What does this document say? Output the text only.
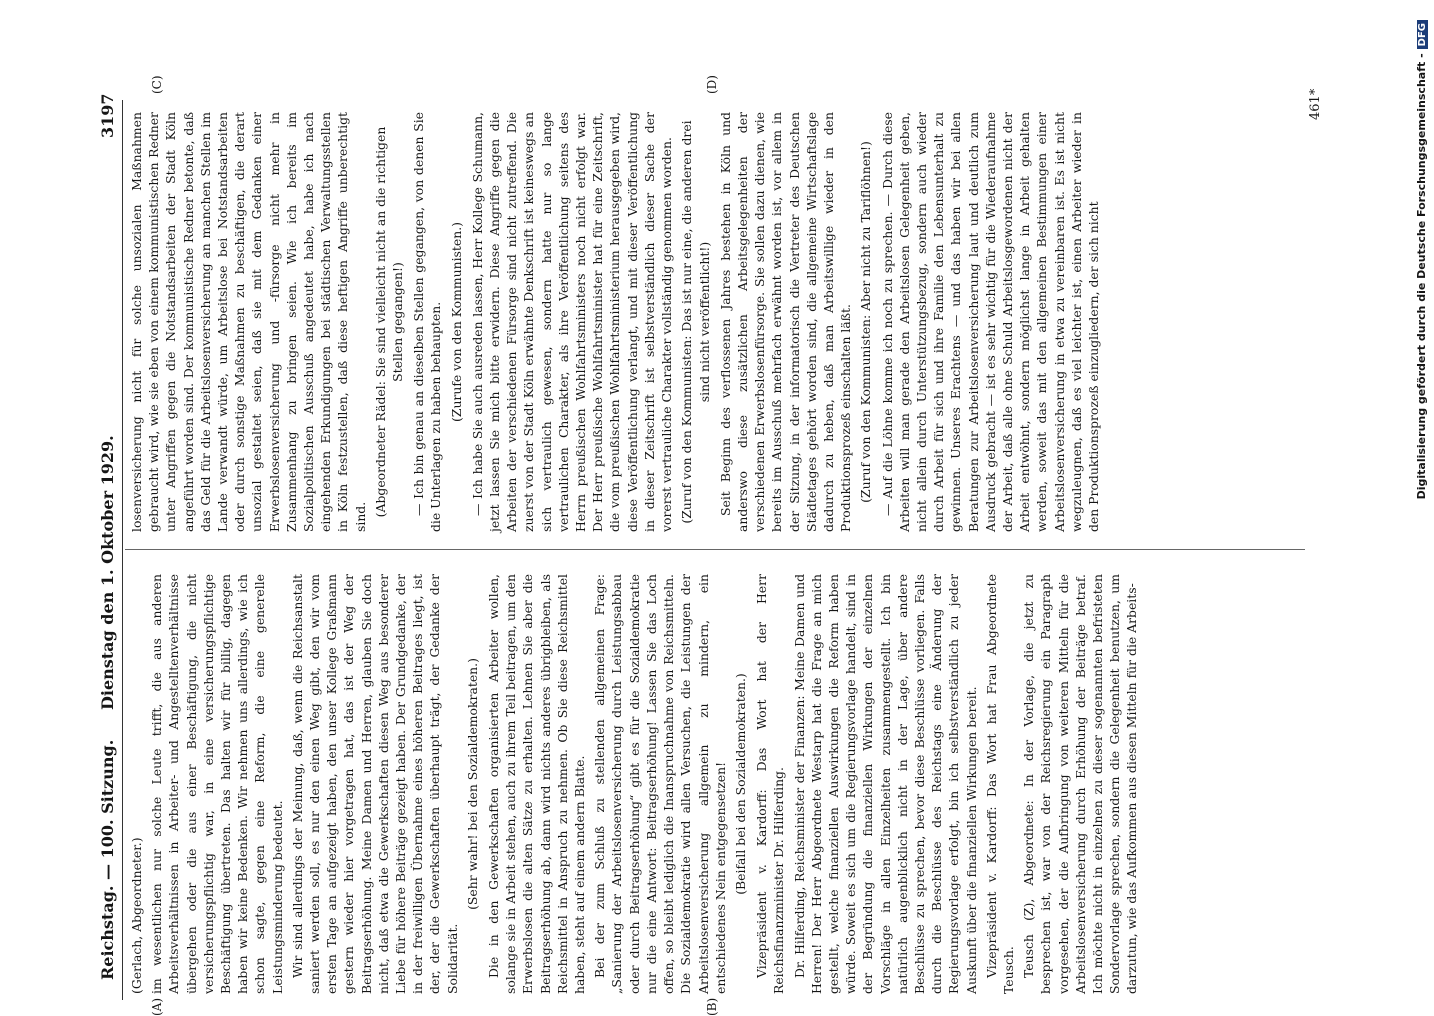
Reichstag. — 100. Sitzung.
Dienstag den 1. Oktober 1929.
3197
(A)	(B)
(C)	(D)

(Gerlach, Abgeordneter.) im wesentlichen nur solche Leute trifft, die aus anderen Arbeitsverhältnissen in Arbeiter- und Angestelltenverhältnisse übergehen oder die aus einer Beschäftigung, die nicht versicherungspflichtig war, in eine versicherungspflichtige Beschäftigung übertreten. Das halten wir für billig, dagegen haben wir keine Bedenken. Wir nehmen uns allerdings, wie ich schon sagte, gegen eine Reform, die eine generelle Leistungsminderung bedeutet. Wir sind allerdings der Meinung, daß, wenn die Reichsanstalt saniert werden soll, es nur den einen Weg gibt, den wir vom ersten Tage an aufgezeigt haben, den unser Kollege Graßmann gestern wieder hier vorgetragen hat, das ist der Weg der Beitragserhöhung. Meine Damen und Herren, glauben Sie doch nicht, daß etwa die Gewerkschaften diesen Weg aus besonderer Liebe für höhere Beiträge gezeigt haben. Der Grundgedanke, der in der freiwilligen Übernahme eines höheren Beitrages liegt, ist der, der die Gewerkschaften überhaupt trägt, der Gedanke der Solidarität.

(Sehr wahr! bei den Sozialdemokraten.) Die in den Gewerkschaften organisierten Arbeiter wollen, solange sie in Arbeit stehen, auch zu ihrem Teil beitragen, um den Erwerbslosen die alten Sätze zu erhalten. Lehnen Sie aber die Beitragserhöhung ab, dann wird nichts anderes übrigbleiben, als Reichsmittel in Anspruch zu nehmen. Ob Sie diese Reichsmittel haben, steht auf einem andern Blatte. Bei der zum Schluß zu stellenden allgemeinen Frage: „Sanierung der Arbeitslosenversicherung durch Leistungsabbau oder durch Beitragserhöhung“ gibt es für die Sozialdemokratie nur die eine Antwort: Beitragserhöhung! Lassen Sie das Loch offen, so bleibt lediglich die Inanspruchnahme von Reichsmitteln. Die Sozialdemokratie wird allen Versuchen, die Leistungen der Arbeitslosenversicherung allgemein zu mindern, ein entschiedenes Nein entgegensetzen! (Beifall bei den Sozialdemokraten.) Vizepräsident v. Kardorff: Das Wort hat der Herr Reichsfinanzminister Dr. Hilferding. Dr. Hilferding, Reichsminister der Finanzen: Meine Damen und Herren! Der Herr Abgeordnete Westarp hat die Frage an mich gestellt, welche finanziellen Auswirkungen die Reform haben würde. Soweit es sich um die Regierungsvorlage handelt, sind in der Begründung die finanziellen Wirkungen der einzelnen Vorschläge in allen Einzelheiten zusammengestellt. Ich bin natürlich augenblicklich nicht in der Lage, über andere Beschlüsse zu sprechen, bevor diese Beschlüsse vorliegen. Falls durch die Beschlüsse des Reichstags eine Änderung der Regierungsvorlage erfolgt, bin ich selbstverständlich zu jeder Auskunft über die finanziellen Wirkungen bereit. Vizepräsident v. Kardorff: Das Wort hat Frau Abgeordnete Teusch. Teusch (Z), Abgeordnete: In der Vorlage, die jetzt zu besprechen ist, war von der Reichsregierung ein Paragraph vorgesehen, der die Aufbringung von weiteren Mitteln für die Arbeitslosenversicherung durch Erhöhung der Beiträge betraf. Ich möchte nicht in einzelnen zu dieser sogenannten befristeten Sondervorlage sprechen, sondern die Gelegenheit benutzen, um darzutun, wie das Aufkommen aus diesen Mitteln für die Arbeits-

losenversicherung nicht für solche unsozialen Maßnahmen gebraucht wird, wie sie eben von einem kommunistischen Redner unter Angriffen gegen die Notstandsarbeiten der Stadt Köln angeführt worden sind. Der kommunistische Redner betonte, daß das Geld für die Arbeitslosenversicherung an manchen Stellen im Lande verwandt würde, um Arbeitslose bei Notstandsarbeiten oder durch sonstige Maßnahmen zu beschäftigen, die derart unsozial gestaltet seien, daß sie mit dem Gedanken einer Erwerbslosenversicherung und -fürsorge nicht mehr in Zusammenhang zu bringen seien. Wie ich bereits im Sozialpolitischen Ausschuß angedeutet habe, habe ich nach eingehenden Erkundigungen bei städtischen Verwaltungsstellen in Köln festzustellen, daß diese heftigen Angriffe unberechtigt sind. (Abgeordneter Rädel: Sie sind vielleicht nicht an die richtigen Stellen gegangen!) — Ich bin genau an dieselben Stellen gegangen, von denen Sie die Unterlagen zu haben behaupten. (Zurufe von den Kommunisten.) — Ich habe Sie auch ausreden lassen, Herr Kollege Schumann, jetzt lassen Sie mich bitte erwidern. Diese Angriffe gegen die Arbeiten der verschiedenen Fürsorge sind nicht zutreffend. Die zuerst von der Stadt Köln erwähnte Denkschrift ist keineswegs an sich vertraulich gewesen, sondern hatte nur so lange vertraulichen Charakter, als ihre Veröffentlichung seitens des Herrn preußischen Wohlfahrtsministers noch nicht erfolgt war. Der Herr preußische Wohlfahrtsminister hat für eine Zeitschrift, die vom preußischen Wohlfahrtsministerium herausgegeben wird, diese Veröffentlichung verlangt, und mit dieser Veröffentlichung in dieser Zeitschrift ist selbstverständlich dieser Sache der vorerst vertrauliche Charakter vollständig genommen worden. (Zuruf von den Kommunisten: Das ist nur eine, die anderen drei sind nicht veröffentlicht!) Seit Beginn des verflossenen Jahres bestehen in Köln und anderswo diese zusätzlichen Arbeitsgelegenheiten der verschiedenen Erwerbslosenfürsorge. Sie sollen dazu dienen, wie bereits im Ausschuß mehrfach erwähnt worden ist, vor allem in der Sitzung, in der informatorisch die Vertreter des Deutschen Städtetages gehört worden sind, die allgemeine Wirtschaftslage dadurch zu heben, daß man Arbeitswillige wieder in den Produktionsprozeß einschalten läßt. (Zuruf von den Kommunisten: Aber nicht zu Tariflöhnen!) — Auf die Löhne komme ich noch zu sprechen. — Durch diese Arbeiten will man gerade den Arbeitslosen Gelegenheit geben, nicht allein durch Unterstützungsbezug, sondern auch wieder durch Arbeit für sich und ihre Familie den Lebensunterhalt zu gewinnen. Unseres Erachtens — und das haben wir bei allen Beratungen zur Arbeitslosenversicherung laut und deutlich zum Ausdruck gebracht — ist es sehr wichtig für die Wiederaufnahme der Arbeit, daß alle ohne Schuld Arbeitslosgewordenen nicht der Arbeit entwöhnt, sondern möglichst lange in Arbeit gehalten werden, soweit das mit den allgemeinen Bestimmungen einer Arbeitslosenversicherung in etwa zu vereinbaren ist. Es ist nicht wegzuleugnen, daß es viel leichter ist, einen Arbeiter wieder in den Produktionsprozeß einzugliedern, der sich nicht

461*	Digitalisierung gefördert durch die Deutsche Forschungsgemeinschaft -DFG
